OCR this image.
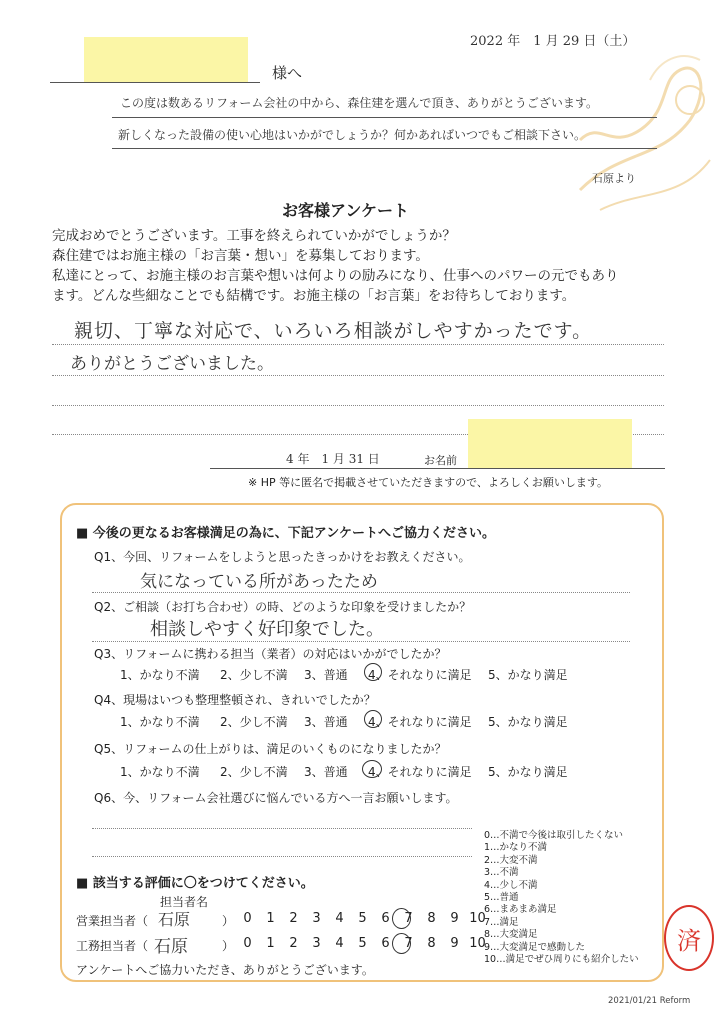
2022 年　1 月 29 日（土）
様へ
この度は数あるリフォーム会社の中から、森住建を選んで頂き、ありがとうございます。
新しくなった設備の使い心地はいかがでしょうか？何かあればいつでもご相談下さい。
石原より
お客様アンケート
完成おめでとうございます。工事を終えられていかがでしょうか？
森住建ではお施主様の「お言葉・想い」を募集しております。
私達にとって、お施主様のお言葉や想いは何よりの励みになり、仕事へのパワーの元でもあり
ます。どんな些細なことでも結構です。お施主様の「お言葉」をお待ちしております。
親切、丁寧な対応で、いろいろ相談がしやすかったです。
ありがとうございました。
4 年　1 月 31 日	お名前
※ HP 等に匿名で掲載させていただきますので、よろしくお願いします。
■ 今後の更なるお客様満足の為に、下記アンケートへご協力ください。
Q1、今回、リフォームをしようと思ったきっかけをお教えください。
気になっている所があったため
Q2、ご相談（お打ち合わせ）の時、どのような印象を受けましたか？
相談しやすく好印象でした。
Q3、リフォームに携わる担当（業者）の対応はいかがでしたか？
1、かなり不満 2、少し不満 3、普通 4、それなりに満足 5、かなり満足
Q4、現場はいつも整理整頓され、きれいでしたか？
1、かなり不満 2、少し不満 3、普通 4、それなりに満足 5、かなり満足
Q5、リフォームの仕上がりは、満足のいくものになりましたか？
1、かなり不満 2、少し不満 3、普通 4、それなりに満足 5、かなり満足
Q6、今、リフォーム会社選びに悩んでいる方へ一言お願いします。
■ 該当する評価に〇をつけてください。
担当者名
営業担当者（ 石原	） 0 1 2 3 4 5 6 7 8 9 10
工務担当者（ 石原	） 0 1 2 3 4 5 6 7 8 9 10
アンケートへご協力いただき、ありがとうございます。
0…不満で今後は取引したくない
1…かなり不満
2…大変不満
3…不満
4…少し不満
5…普通
6…まあまあ満足
7…満足
8…大変満足
9…大変満足で感動した
10…満足でぜひ周りにも紹介したい
済
2021/01/21 Reform
